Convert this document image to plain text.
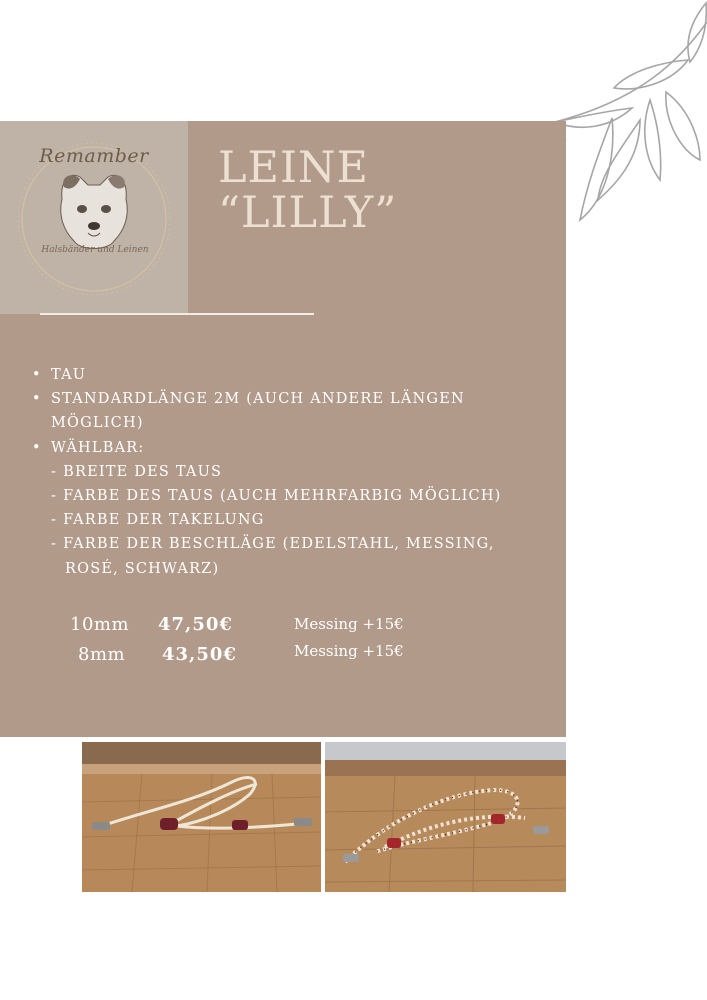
Remamber
Halsbänder und Leinen
LEINE
“LILLY”
• TAU
• STANDARDLÄNGE 2M (AUCH ANDERE LÄNGEN MÖGLICH)
• WÄHLBAR:
- BREITE DES TAUS
- FARBE DES TAUS (AUCH MEHRFARBIG MÖGLICH)
- FARBE DER TAKELUNG
- FARBE DER BESCHLÄGE (EDELSTAHL, MESSING,
ROSÉ, SCHWARZ)
10mm 47,50€	Messing +15€
8mm 43,50€	Messing +15€
